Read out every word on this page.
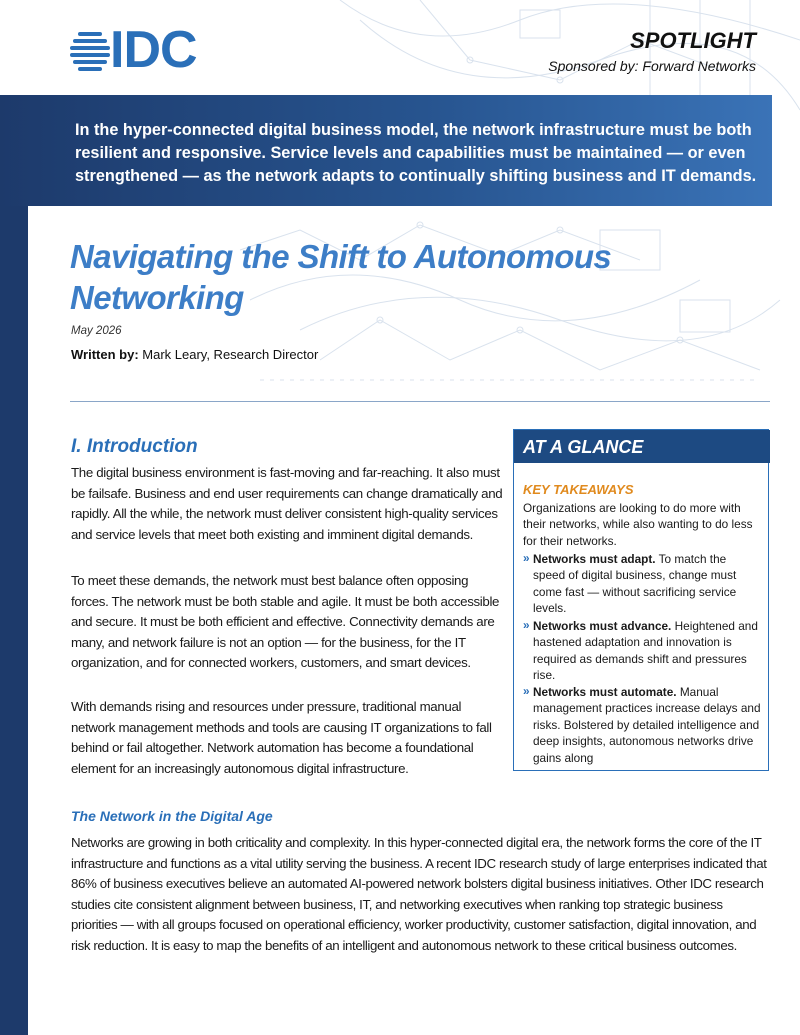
IDC	SPOTLIGHT
Sponsored by: Forward Networks
In the hyper-connected digital business model, the network infrastructure must be both resilient and responsive. Service levels and capabilities must be maintained — or even strengthened — as the network adapts to continually shifting business and IT demands.
Navigating the Shift to Autonomous Networking
May 2026
Written by: Mark Leary, Research Director
I. Introduction
The digital business environment is fast-moving and far-reaching. It also must be failsafe. Business and end user requirements can change dramatically and rapidly. All the while, the network must deliver consistent high-quality services and service levels that meet both existing and imminent digital demands.
To meet these demands, the network must best balance often opposing forces. The network must be both stable and agile. It must be both accessible and secure. It must be both efficient and effective. Connectivity demands are many, and network failure is not an option — for the business, for the IT organization, and for connected workers, customers, and smart devices.
With demands rising and resources under pressure, traditional manual network management methods and tools are causing IT organizations to fall behind or fail altogether. Network automation has become a foundational element for an increasingly autonomous digital infrastructure.
The Network in the Digital Age
Networks are growing in both criticality and complexity. In this hyper-connected digital era, the network forms the core of the IT infrastructure and functions as a vital utility serving the business. A recent IDC research study of large enterprises indicated that 86% of business executives believe an automated AI-powered network bolsters digital business initiatives. Other IDC research studies cite consistent alignment between business, IT, and networking executives when ranking top strategic business priorities — with all groups focused on operational efficiency, worker productivity, customer satisfaction, digital innovation, and risk reduction. It is easy to map the benefits of an intelligent and autonomous network to these critical business outcomes.
AT A GLANCE
KEY TAKEAWAYS
Organizations are looking to do more with their networks, while also wanting to do less for their networks.
» Networks must adapt. To match the speed of digital business, change must come fast — without sacrificing service levels.
» Networks must advance. Heightened and hastened adaptation and innovation is required as demands shift and pressures rise.
» Networks must automate. Manual management practices increase delays and risks. Bolstered by detailed intelligence and deep insights, autonomous networks drive gains along
